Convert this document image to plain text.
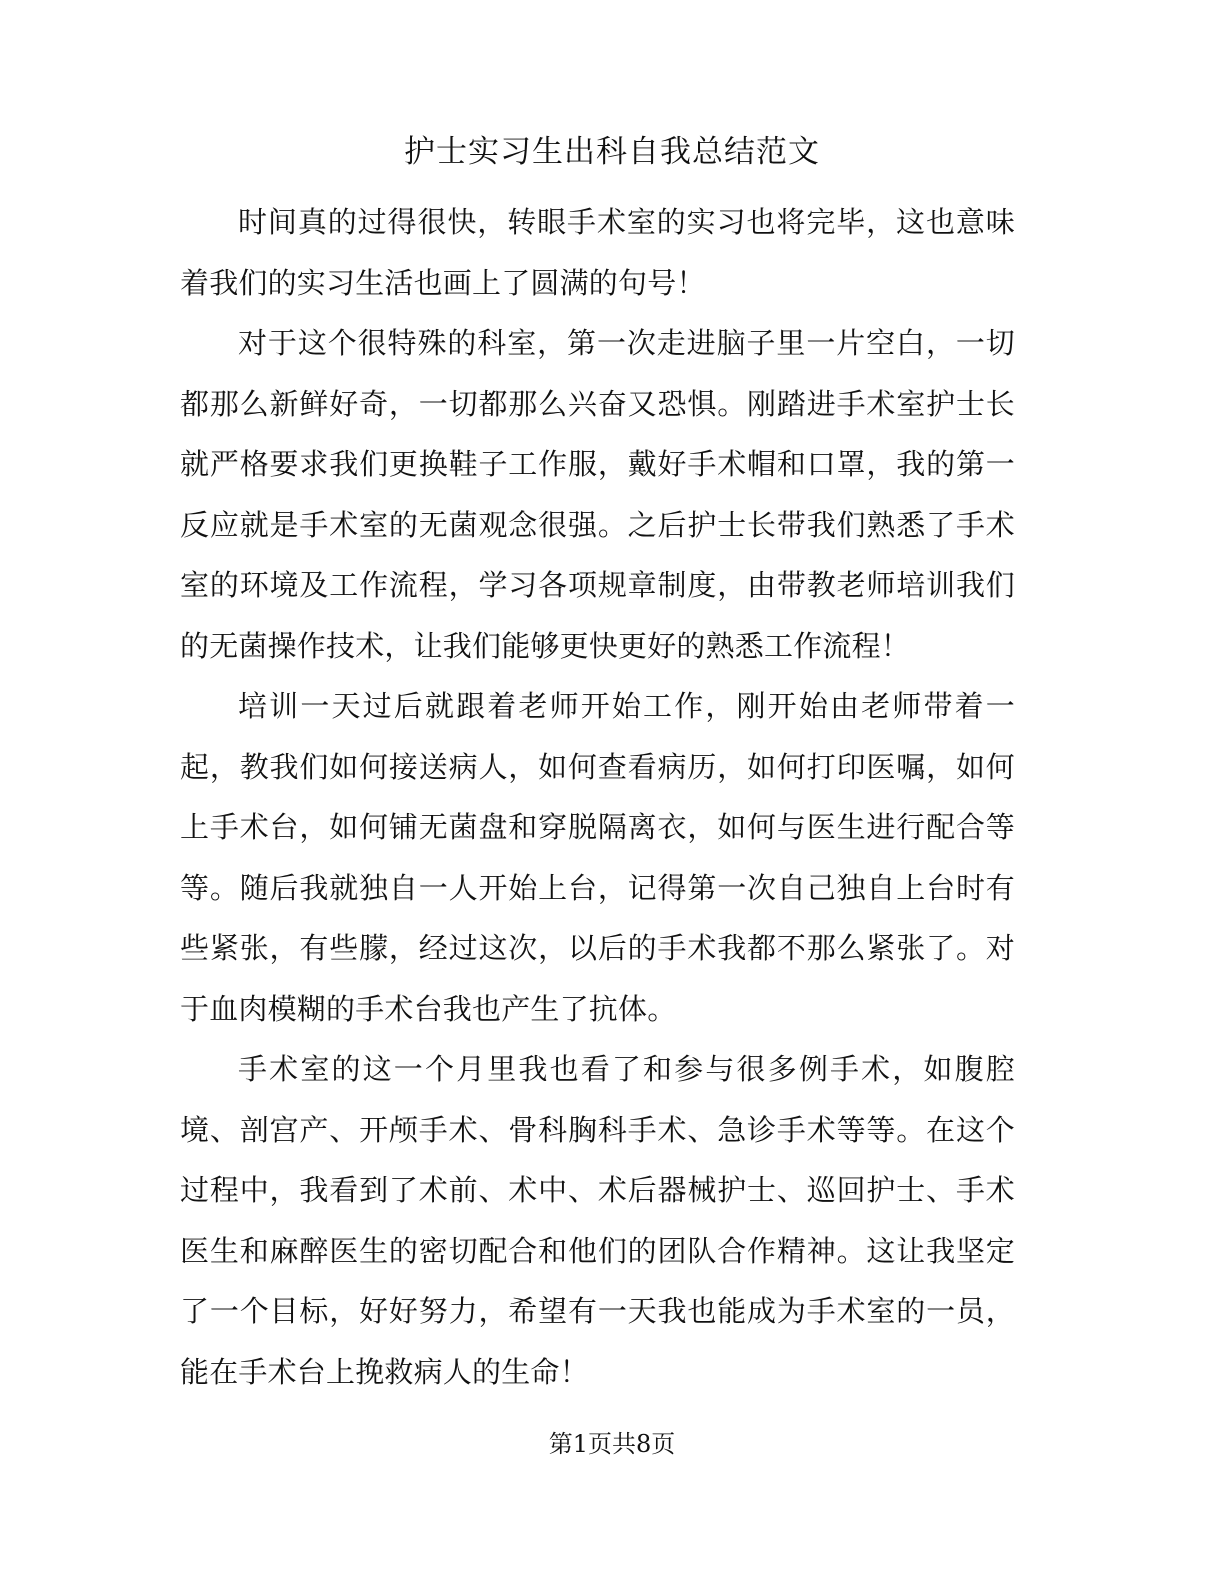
护士实习生出科自我总结范文

时间真的过得很快，转眼手术室的实习也将完毕，这也意味着我们的实习生活也画上了圆满的句号！

对于这个很特殊的科室，第一次走进脑子里一片空白，一切都那么新鲜好奇，一切都那么兴奋又恐惧。刚踏进手术室护士长就严格要求我们更换鞋子工作服，戴好手术帽和口罩，我的第一反应就是手术室的无菌观念很强。之后护士长带我们熟悉了手术室的环境及工作流程，学习各项规章制度，由带教老师培训我们的无菌操作技术，让我们能够更快更好的熟悉工作流程！

培训一天过后就跟着老师开始工作，刚开始由老师带着一起，教我们如何接送病人，如何查看病历，如何打印医嘱，如何上手术台，如何铺无菌盘和穿脱隔离衣，如何与医生进行配合等等。随后我就独自一人开始上台，记得第一次自己独自上台时有些紧张，有些朦，经过这次，以后的手术我都不那么紧张了。对于血肉模糊的手术台我也产生了抗体。

手术室的这一个月里我也看了和参与很多例手术，如腹腔境、剖宫产、开颅手术、骨科胸科手术、急诊手术等等。在这个过程中，我看到了术前、术中、术后器械护士、巡回护士、手术医生和麻醉医生的密切配合和他们的团队合作精神。这让我坚定了一个目标，好好努力，希望有一天我也能成为手术室的一员，能在手术台上挽救病人的生命！

第1页共8页
